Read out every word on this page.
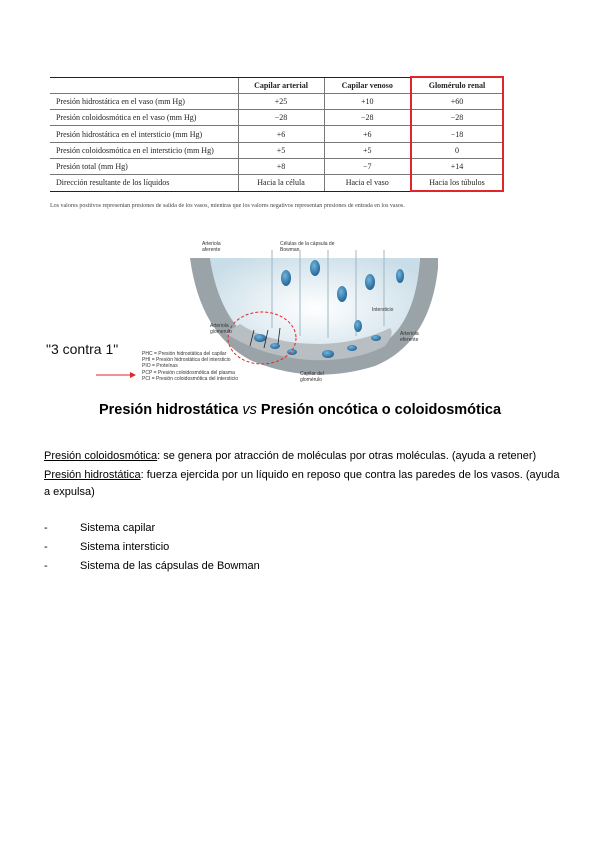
	Capilar arterial	Capilar venoso	Glomérulo renal
Presión hidrostática en el vaso (mm Hg)	+25	+10	+60
Presión coloidosmótica en el vaso (mm Hg)	−28	−28	−28
Presión hidrostática en el intersticio (mm Hg)	+6	+6	−18
Presión coloidosmótica en el intersticio (mm Hg)	+5	+5	0
Presión total (mm Hg)	+8	−7	+14
Dirección resultante de los líquidos	Hacia la célula	Hacia el vaso	Hacia los túbulos
Los valores positivos representan presiones de salida de los vasos, mientras que los valores negativos representan presiones de entrada en los vasos.
Arteriola aferente
Células de la cápsula de Bowman
Intersticio
Arteriola eferente
Arteriola glomerulo
Capilar del glomérulo
PHC = Presión hidrostática del capilar
PHI = Presión hidrostática del intersticio
PIO = Proteínas
PCP = Presión coloidosmótica del plasma
PCI = Presión coloidosmótica del intersticio
"3 contra 1"
Presión hidrostática vs Presión oncótica o coloidosmótica

Presión coloidosmótica: se genera por atracción de moléculas por otras moléculas. (ayuda a retener)

Presión hidrostática: fuerza ejercida por un líquido en reposo que contra las paredes de los vasos. (ayuda a expulsa)

-	Sistema capilar
-	Sistema intersticio
-	Sistema de las cápsulas de Bowman
